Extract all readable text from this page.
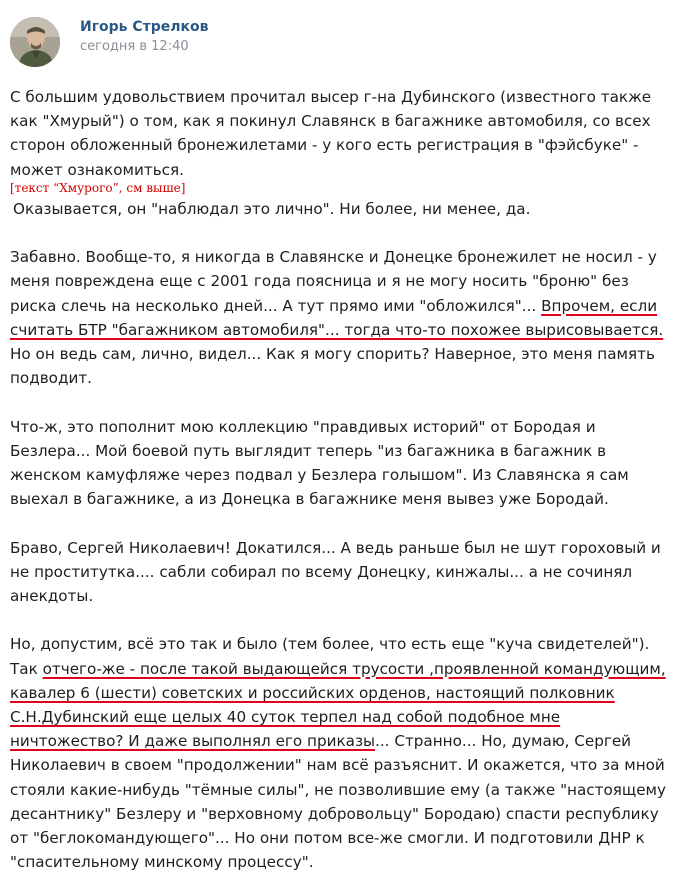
Игорь Стрелков
сегодня в 12:40

С большим удовольствием прочитал высер г-на Дубинского (известного также как "Хмурый") о том, как я покинул Славянск в багажнике автомобиля, со всех сторон обложенный бронежилетами - у кого есть регистрация в "фэйсбуке" - может ознакомиться.

[текст “Хмурого”, см выше]

Оказывается, он "наблюдал это лично". Ни более, ни менее, да.

Забавно. Вообще-то, я никогда в Славянске и Донецке бронежилет не носил - у меня повреждена еще с 2001 года поясница и я не могу носить "броню" без риска слечь на несколько дней... А тут прямо ими "обложился"... Впрочем, если считать БТР "багажником автомобиля"... тогда что-то похожее вырисовывается. Но он ведь сам, лично, видел... Как я могу спорить? Наверное, это меня память подводит.

Что-ж, это пополнит мою коллекцию "правдивых историй" от Бородая и Безлера... Мой боевой путь выглядит теперь "из багажника в багажник в женском камуфляже через подвал у Безлера голышом". Из Славянска я сам выехал в багажнике, а из Донецка в багажнике меня вывез уже Бородай.

Браво, Сергей Николаевич! Докатился... А ведь раньше был не шут гороховый и не проститутка.... сабли собирал по всему Донецку, кинжалы... а не сочинял анекдоты.

Но, допустим, всё это так и было (тем более, что есть еще "куча свидетелей"). Так отчего-же - после такой выдающейся трусости ,проявленной командующим, кавалер 6 (шести) советских и российских орденов, настоящий полковник С.Н.Дубинский еще целых 40 суток терпел над собой подобное мне ничтожество? И даже выполнял его приказы... Странно... Но, думаю, Сергей Николаевич в своем "продолжении" нам всё разъяснит. И окажется, что за мной стояли какие-нибудь "тёмные силы", не позволившие ему (а также "настоящему десантнику" Безлеру и "верховному добровольцу" Бородаю) спасти республику от "беглокомандующего"... Но они потом все-же смогли. И подготовили ДНР к "спасительному минскому процессу".
